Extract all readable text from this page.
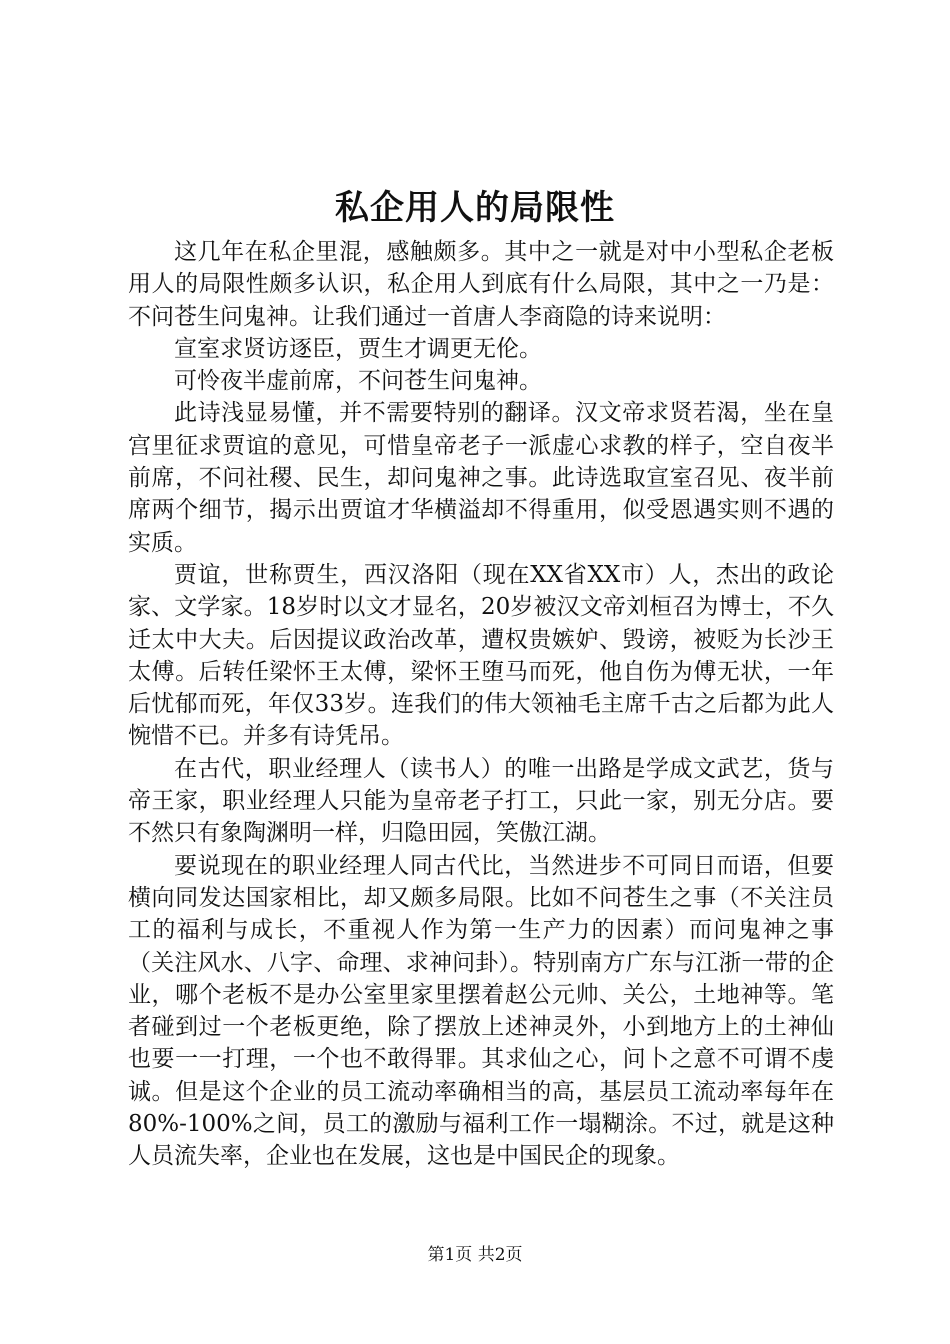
私企用人的局限性

这几年在私企里混，感触颇多。其中之一就是对中小型私企老板用人的局限性颇多认识，私企用人到底有什么局限，其中之一乃是：不问苍生问鬼神。让我们通过一首唐人李商隐的诗来说明：

宣室求贤访逐臣，贾生才调更无伦。

可怜夜半虚前席，不问苍生问鬼神。

此诗浅显易懂，并不需要特别的翻译。汉文帝求贤若渴，坐在皇宫里征求贾谊的意见，可惜皇帝老子一派虚心求教的样子，空自夜半前席，不问社稷、民生，却问鬼神之事。此诗选取宣室召见、夜半前席两个细节，揭示出贾谊才华横溢却不得重用，似受恩遇实则不遇的实质。

贾谊，世称贾生，西汉洛阳（现在XX省XX市）人，杰出的政论家、文学家。18岁时以文才显名，20岁被汉文帝刘桓召为博士，不久迁太中大夫。后因提议政治改革，遭权贵嫉妒、毁谤，被贬为长沙王太傅。后转任梁怀王太傅，梁怀王堕马而死，他自伤为傅无状，一年后忧郁而死，年仅33岁。连我们的伟大领袖毛主席千古之后都为此人惋惜不已。并多有诗凭吊。

在古代，职业经理人（读书人）的唯一出路是学成文武艺，货与帝王家，职业经理人只能为皇帝老子打工，只此一家，别无分店。要不然只有象陶渊明一样，归隐田园，笑傲江湖。

要说现在的职业经理人同古代比，当然进步不可同日而语，但要横向同发达国家相比，却又颇多局限。比如不问苍生之事（不关注员工的福利与成长，不重视人作为第一生产力的因素）而问鬼神之事（关注风水、八字、命理、求神问卦）。特别南方广东与江浙一带的企业，哪个老板不是办公室里家里摆着赵公元帅、关公，土地神等。笔者碰到过一个老板更绝，除了摆放上述神灵外，小到地方上的土神仙也要一一打理，一个也不敢得罪。其求仙之心，问卜之意不可谓不虔诚。但是这个企业的员工流动率确相当的高，基层员工流动率每年在80%-100%之间，员工的激励与福利工作一塌糊涂。不过，就是这种人员流失率，企业也在发展，这也是中国民企的现象。

第1页 共2页
